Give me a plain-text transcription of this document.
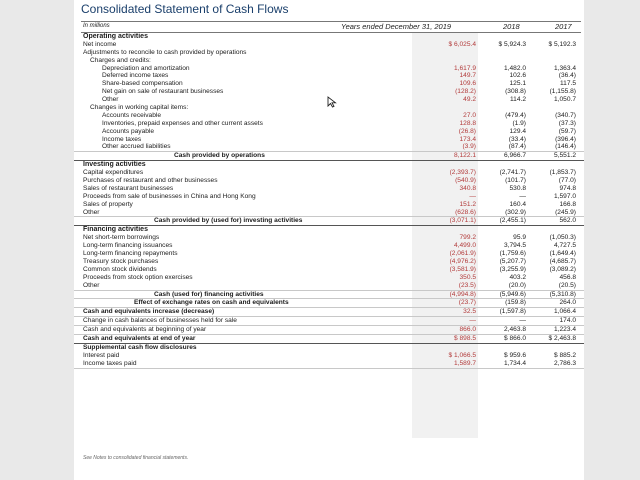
Consolidated Statement of Cash Flows
In millions	Years ended December 31, 2019	2018	2017
Operating activities
Net income	$ 6,025.4	$ 5,924.3	$ 5,192.3
Adjustments to reconcile to cash provided by operations
Charges and credits:
Depreciation and amortization	1,617.9	1,482.0	1,363.4
Deferred income taxes	149.7	102.6	(36.4)
Share-based compensation	109.6	125.1	117.5
Net gain on sale of restaurant businesses	(128.2)	(308.8)	(1,155.8)
Other	49.2	114.2	1,050.7
Changes in working capital items:
Accounts receivable	27.0	(479.4)	(340.7)
Inventories, prepaid expenses and other current assets	128.8	(1.9)	(37.3)
Accounts payable	(26.8)	129.4	(59.7)
Income taxes	173.4	(33.4)	(396.4)
Other accrued liabilities	(3.9)	(87.4)	(146.4)
Cash provided by operations	8,122.1	6,966.7	5,551.2
Investing activities
Capital expenditures	(2,393.7)	(2,741.7)	(1,853.7)
Purchases of restaurant and other businesses	(540.9)	(101.7)	(77.0)
Sales of restaurant businesses	340.8	530.8	974.8
Proceeds from sale of businesses in China and Hong Kong	—	—	1,597.0
Sales of property	151.2	160.4	166.8
Other	(628.6)	(302.9)	(245.9)
Cash provided by (used for) investing activities	(3,071.1)	(2,455.1)	562.0
Financing activities
Net short-term borrowings	799.2	95.9	(1,050.3)
Long-term financing issuances	4,499.0	3,794.5	4,727.5
Long-term financing repayments	(2,061.9)	(1,759.6)	(1,649.4)
Treasury stock purchases	(4,976.2)	(5,207.7)	(4,685.7)
Common stock dividends	(3,581.9)	(3,255.9)	(3,089.2)
Proceeds from stock option exercises	350.5	403.2	456.8
Other	(23.5)	(20.0)	(20.5)
Cash (used for) financing activities	(4,994.8)	(5,949.6)	(5,310.8)
Effect of exchange rates on cash and equivalents	(23.7)	(159.8)	264.0
Cash and equivalents increase (decrease)	32.5	(1,597.8)	1,066.4
Change in cash balances of businesses held for sale	—	—	174.0
Cash and equivalents at beginning of year	866.0	2,463.8	1,223.4
Cash and equivalents at end of year	$ 898.5	$ 866.0	$ 2,463.8
Supplemental cash flow disclosures
Interest paid	$ 1,066.5	$ 959.6	$ 885.2
Income taxes paid	1,589.7	1,734.4	2,786.3
See Notes to consolidated financial statements.
